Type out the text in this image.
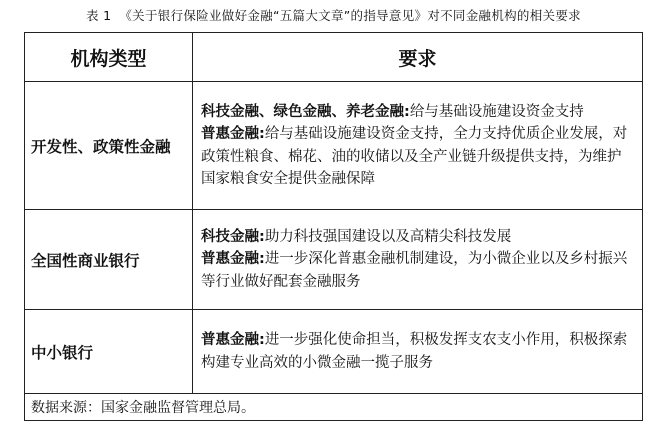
表 1 《关于银行保险业做好金融“五篇大文章”的指导意见》对不同金融机构的相关要求
机构类型	要求
开发性、政策性金融	科技金融、绿色金融、养老金融:给与基础设施建设资金支持
普惠金融:给与基础设施建设资金支持，全力支持优质企业发展，对政策性粮食、棉花、油的收储以及全产业链升级提供支持，为维护国家粮食安全提供金融保障

全国性商业银行	科技金融:助力科技强国建设以及高精尖科技发展
普惠金融:进一步深化普惠金融机制建设，为小微企业以及乡村振兴等行业做好配套金融服务

中小银行	普惠金融:进一步强化使命担当，积极发挥支农支小作用，积极探索构建专业高效的小微金融一揽子服务

数据来源：国家金融监督管理总局。	
